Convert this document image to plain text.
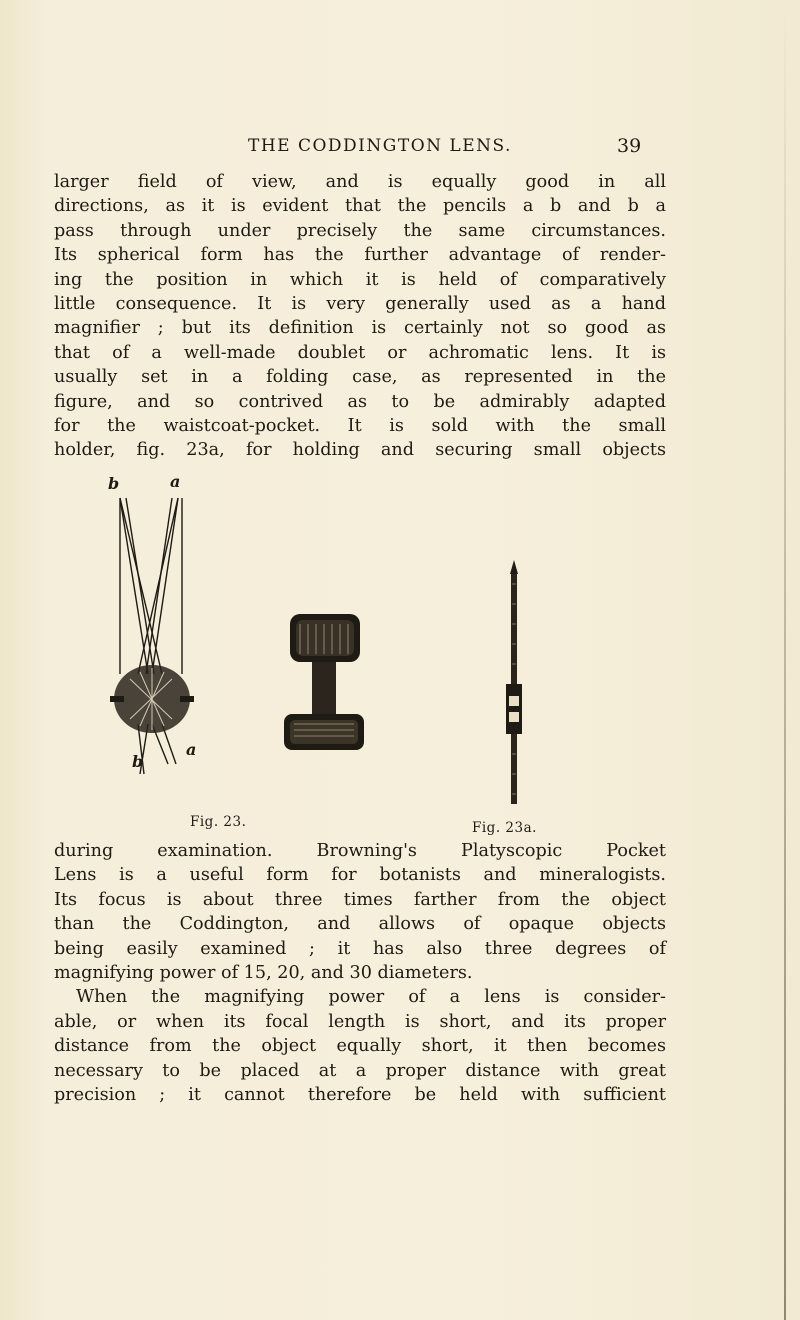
THE CODDINGTON LENS.	39
larger field of view, and is equally good in all
directions, as it is evident that the pencils a b and b a
pass through under precisely the same circumstances.
Its spherical form has the further advantage of render-
ing the position in which it is held of comparatively
little consequence. It is very generally used as a hand
magnifier ; but its definition is certainly not so good as
that of a well-made doublet or achromatic lens. It is
usually set in a folding case, as represented in the
figure, and so contrived as to be admirably adapted
for the waistcoat-pocket. It is sold with the small
holder, fig. 23a, for holding and securing small objects
b	a
b
a
Fig. 23.	Fig. 23a.
during examination. Browning's Platyscopic Pocket
Lens is a useful form for botanists and mineralogists.
Its focus is about three times farther from the object
than the Coddington, and allows of opaque objects
being easily examined ; it has also three degrees of
magnifying power of 15, 20, and 30 diameters.
When the magnifying power of a lens is consider-
able, or when its focal length is short, and its proper
distance from the object equally short, it then becomes
necessary to be placed at a proper distance with great
precision ; it cannot therefore be held with sufficient
